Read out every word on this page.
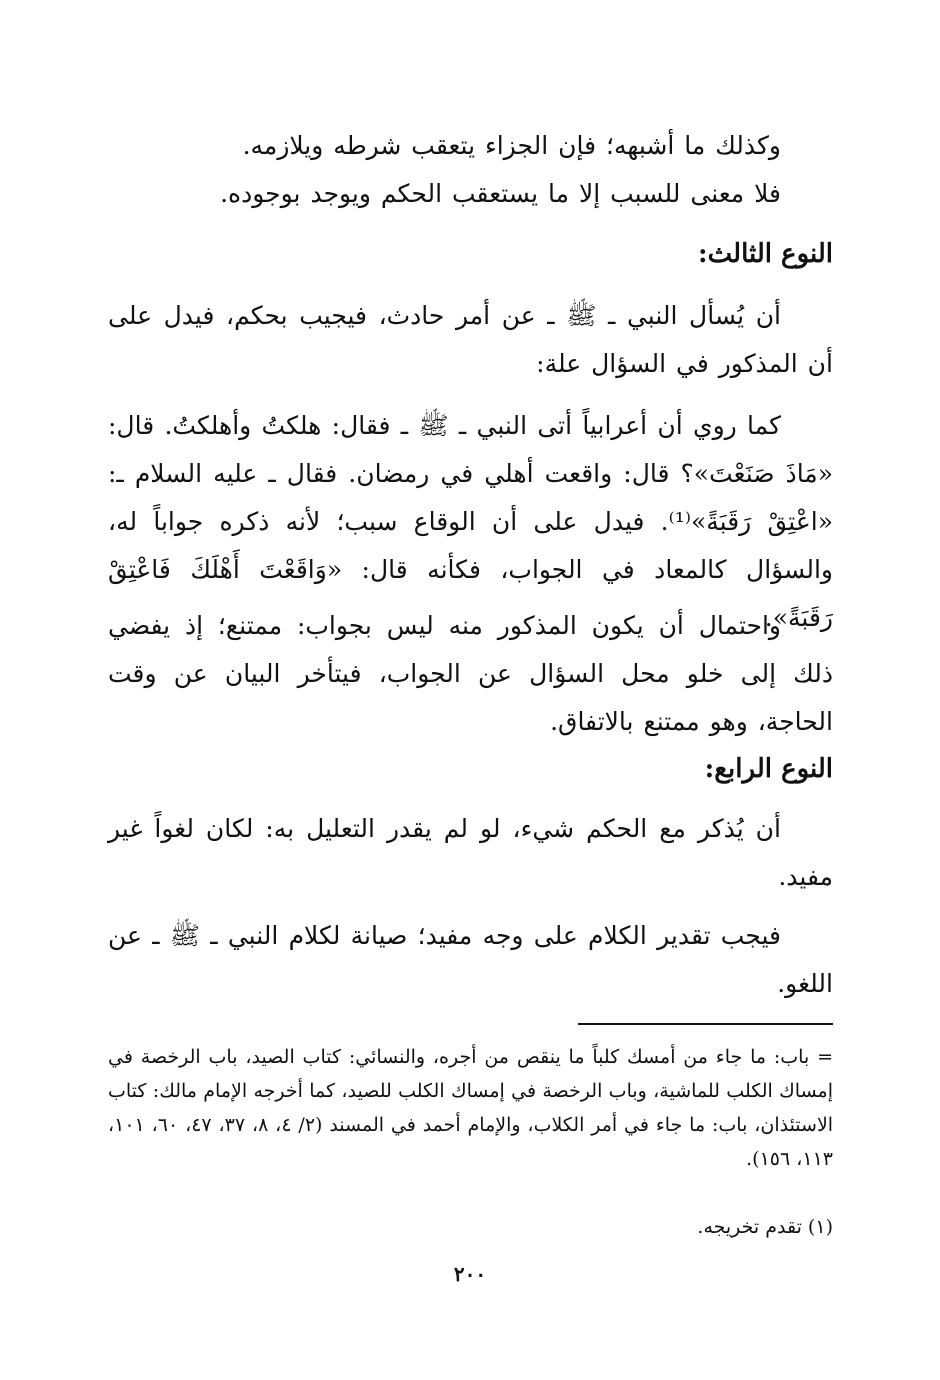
وكذلك ما أشبهه؛ فإن الجزاء يتعقب شرطه ويلازمه.
فلا معنى للسبب إلا ما يستعقب الحكم ويوجد بوجوده.
النوع الثالث:
أن يُسأل النبي ـ ﷺ ـ عن أمر حادث، فيجيب بحكم، فيدل على أن المذكور في السؤال علة:
كما روي أن أعرابياً أتى النبي ـ ﷺ ـ فقال: هلكتُ وأهلكتُ. قال: «مَاذَ صَنَعْتَ»؟ قال: واقعت أهلي في رمضان. فقال ـ عليه السلام ـ: «اعْتِقْ رَقَبَةً»⁽¹⁾. فيدل على أن الوقاع سبب؛ لأنه ذكره جواباً له، والسؤال كالمعاد في الجواب، فكأنه قال: «وَاقَعْتَ أَهْلَكَ فَاعْتِقْ رَقَبَةً».
واحتمال أن يكون المذكور منه ليس بجواب: ممتنع؛ إذ يفضي ذلك إلى خلو محل السؤال عن الجواب، فيتأخر البيان عن وقت الحاجة، وهو ممتنع بالاتفاق.
النوع الرابع:
أن يُذكر مع الحكم شيء، لو لم يقدر التعليل به: لكان لغواً غير مفيد.
فيجب تقدير الكلام على وجه مفيد؛ صيانة لكلام النبي ـ ﷺ ـ عن اللغو.
= باب: ما جاء من أمسك كلباً ما ينقص من أجره، والنسائي: كتاب الصيد، باب الرخصة في إمساك الكلب للماشية، وباب الرخصة في إمساك الكلب للصيد، كما أخرجه الإمام مالك: كتاب الاستئذان، باب: ما جاء في أمر الكلاب، والإمام أحمد في المسند (٢/ ٤، ٨، ٣٧، ٤٧، ٦٠، ١٠١، ١١٣، ١٥٦).
(١) تقدم تخريجه.
٢٠٠
